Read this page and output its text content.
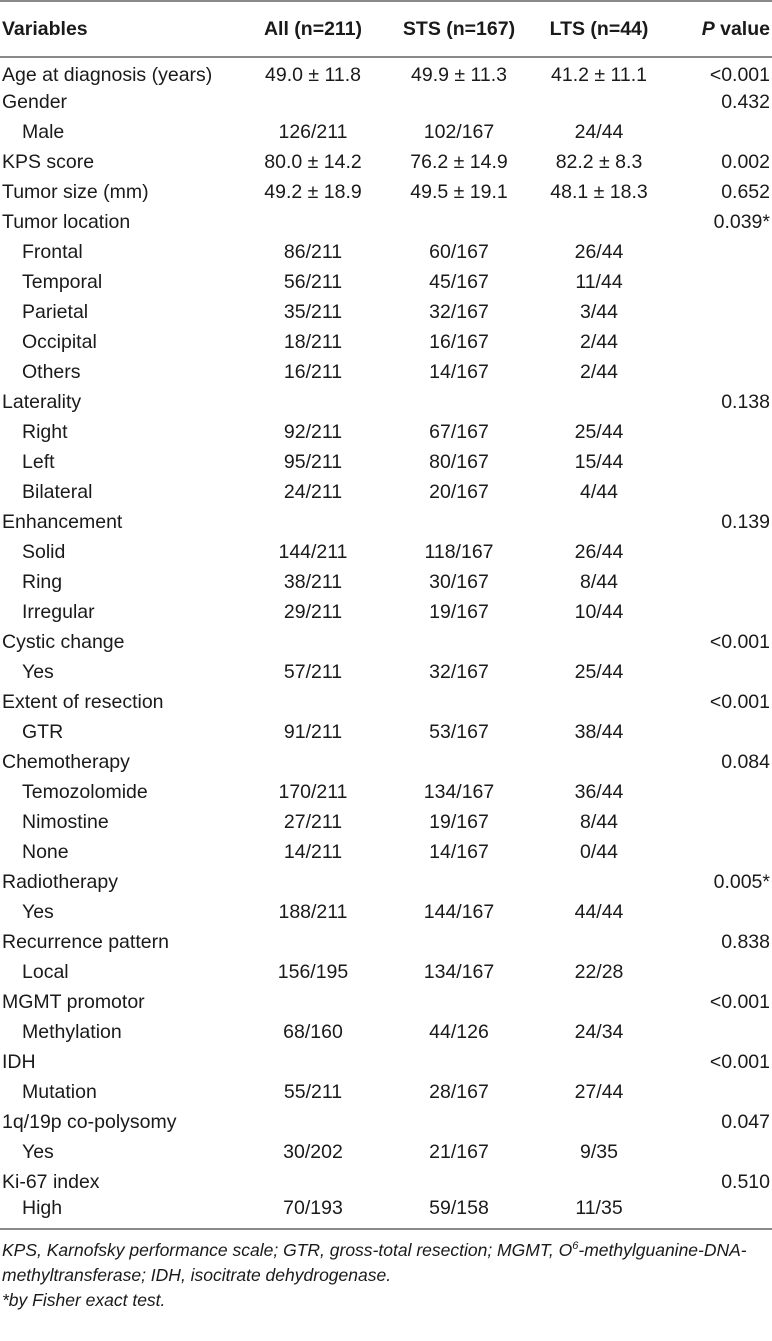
Variables	All (n=211)	STS (n=167)	LTS (n=44)	P value
Age at diagnosis (years)	49.0 ± 11.8	49.9 ± 11.3	41.2 ± 11.1	<0.001
Gender				0.432
Male	126/211	102/167	24/44	
KPS score	80.0 ± 14.2	76.2 ± 14.9	82.2 ± 8.3	0.002
Tumor size (mm)	49.2 ± 18.9	49.5 ± 19.1	48.1 ± 18.3	0.652
Tumor location				0.039*
Frontal	86/211	60/167	26/44	
Temporal	56/211	45/167	11/44	
Parietal	35/211	32/167	3/44	
Occipital	18/211	16/167	2/44	
Others	16/211	14/167	2/44	
Laterality				0.138
Right	92/211	67/167	25/44	
Left	95/211	80/167	15/44	
Bilateral	24/211	20/167	4/44	
Enhancement				0.139
Solid	144/211	118/167	26/44	
Ring	38/211	30/167	8/44	
Irregular	29/211	19/167	10/44	
Cystic change				<0.001
Yes	57/211	32/167	25/44	
Extent of resection				<0.001
GTR	91/211	53/167	38/44	
Chemotherapy				0.084
Temozolomide	170/211	134/167	36/44	
Nimostine	27/211	19/167	8/44	
None	14/211	14/167	0/44	
Radiotherapy				0.005*
Yes	188/211	144/167	44/44	
Recurrence pattern				0.838
Local	156/195	134/167	22/28	
MGMT promotor				<0.001
Methylation	68/160	44/126	24/34	
IDH				<0.001
Mutation	55/211	28/167	27/44	
1q/19p co-polysomy				0.047
Yes	30/202	21/167	9/35	
Ki-67 index				0.510
High	70/193	59/158	11/35	

KPS, Karnofsky performance scale; GTR, gross-total resection; MGMT, $O^6-methylguanine-DNA$-methyltransferase; IDH, isocitrate dehydrogenase.

*by Fisher exact test.
